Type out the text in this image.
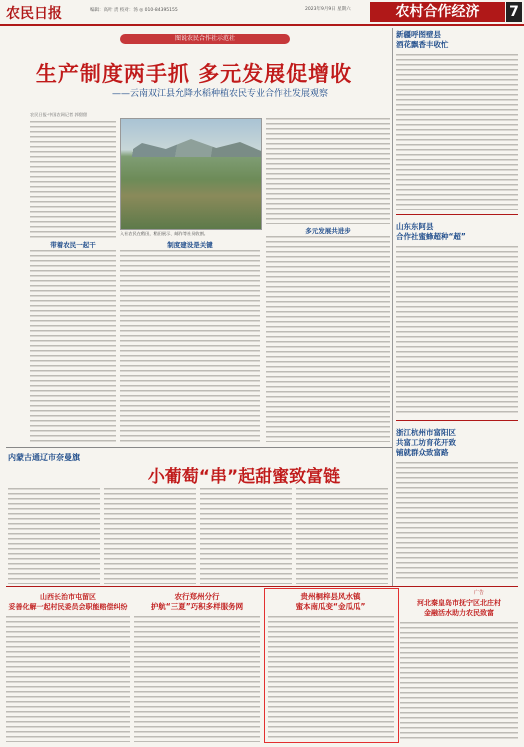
农民日报	编辑：高叶 责 校对：汤 ◎ 010-84395155	2023年9月9日 星期六	农村合作经济	7
图说农民合作社示范社
生产制度两手抓 多元发展促增收
——云南双江县允降水稻种植农民专业合作社发展观察
农民日报·中国农网记者 郭甜甜
带着农民一起干
入社农民在稻田，稻田展示、邮作等社员收割。	多元发展共进步
制度建设是关键
新疆呼图壁县
酒花飘香丰收忙
山东东阿县
合作社蜜蜂超种“超”
浙江杭州市富阳区
共富工坊育花开致
铺就群众致富路
内蒙古通辽市奈曼旗
小葡萄“串”起甜蜜致富链
山西长治市屯留区
妥善化解一起村民委员会职能赔偿纠纷
农行郑州分行
护航“三夏”巧积多样服务网
贵州桐梓县风水镇
蜜本南瓜变“金瓜瓜”
广告
河北秦皇岛市抚宁区北庄村
金融活水助力农民致富
